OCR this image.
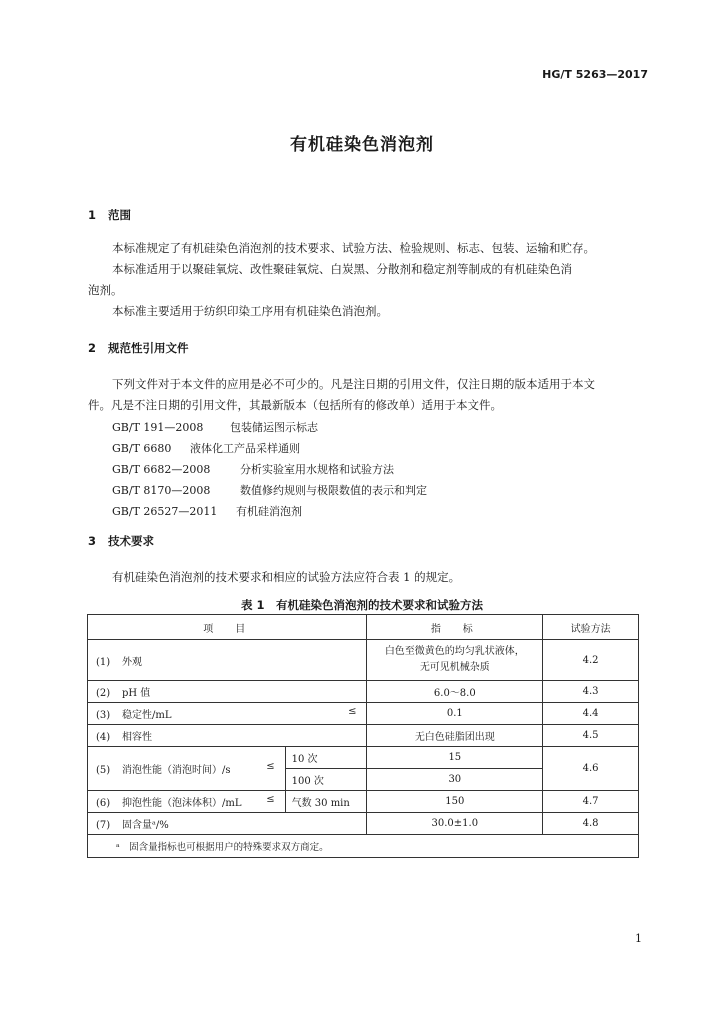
HG/T 5263—2017
有机硅染色消泡剂
1 范围
本标准规定了有机硅染色消泡剂的技术要求、试验方法、检验规则、标志、包装、运输和贮存。
本标准适用于以聚硅氧烷、改性聚硅氧烷、白炭黑、分散剂和稳定剂等制成的有机硅染色消
泡剂。
本标准主要适用于纺织印染工序用有机硅染色消泡剂。
2 规范性引用文件
下列文件对于本文件的应用是必不可少的。凡是注日期的引用文件，仅注日期的版本适用于本文
件。凡是不注日期的引用文件，其最新版本（包括所有的修改单）适用于本文件。
GB/T 191—2008 包装储运图示标志
GB/T 6680 液体化工产品采样通则
GB/T 6682—2008	分析实验室用水规格和试验方法
GB/T 8170—2008	数值修约规则与极限数值的表示和判定
GB/T 26527—2011 有机硅消泡剂
3 技术要求
有机硅染色消泡剂的技术要求和相应的试验方法应符合表 1 的规定。
表 1　有机硅染色消泡剂的技术要求和试验方法
项　目		指　标	试验方法
(1) 外观		白色至微黄色的均匀乳状液体，
无可见机械杂质	4.2
(2) pH 值		6.0～8.0	4.3
(3) 稳定性/mL ≤		0.1	4.4
(4) 相容性		无白色硅脂团出现	4.5
(5) 消泡性能（消泡时间）/s ≤	10 次	15	4.6
	100 次	30	
(6) 抑泡性能（泡沫体积）/mL ≤	气数 30 min	150	4.7
(7) 固含量ᵃ/%		30.0±1.0	4.8
ᵃ　固含量指标也可根据用户的特殊要求双方商定。			
1
